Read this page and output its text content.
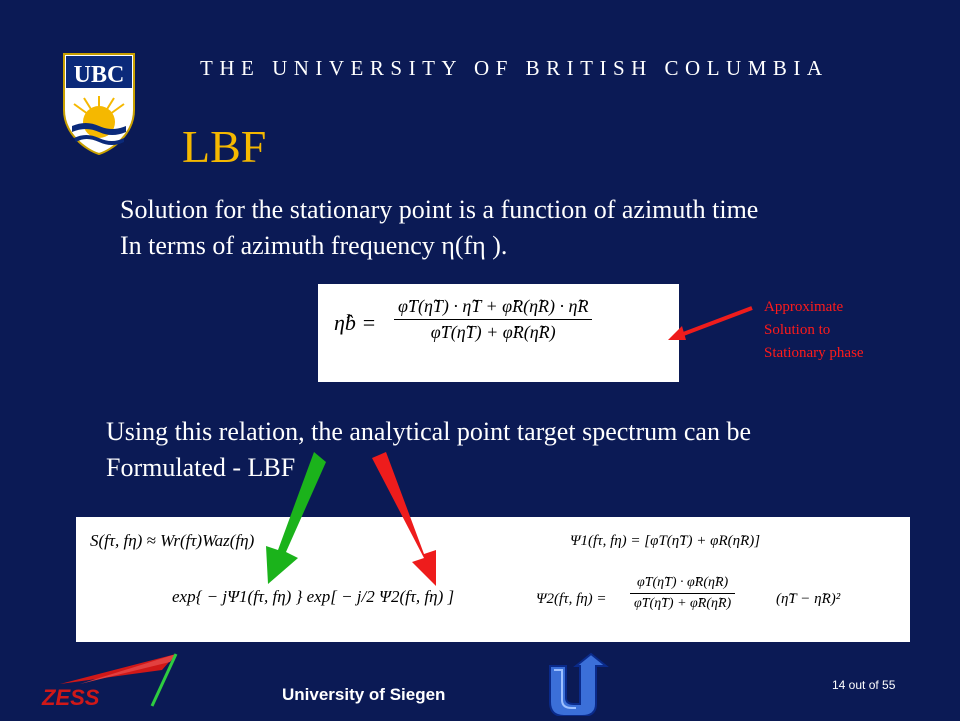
UBC	THE UNIVERSITY OF BRITISH COLUMBIA
LBF
Solution for the stationary point is a function of azimuth time
In terms of azimuth frequency η(fη ).
η̂b = $\frac{\varphïT(\etãT) \cdot \etãT + \varphïR(\etãR) \cdot \etãR}{\varphïT(\etãT) + \varphïR(\etãR)}$	Approximate
Solution to
Stationary phase
Using this relation, the analytical point target spectrum can be
Formulated - LBF
S(fτ, fη) ≈ Wr(fτ)Waz(fη)
exp{ − jΨ1(fτ, fη) } exp[ − j/2 Ψ2(fτ, fη) ]
Ψ1(fτ, fη) = [φT(η̃T) + φR(η̃R)]
Ψ2(fτ, $f\eta) = \frac{\varphïT(\etãT) \cdot \varphïR(\etãR)}{\varphïT(\etãT) + \varphïR(\etãR)}$	(η̃T − η̃R)²
ZESS	University of Siegen	14 out of 55
